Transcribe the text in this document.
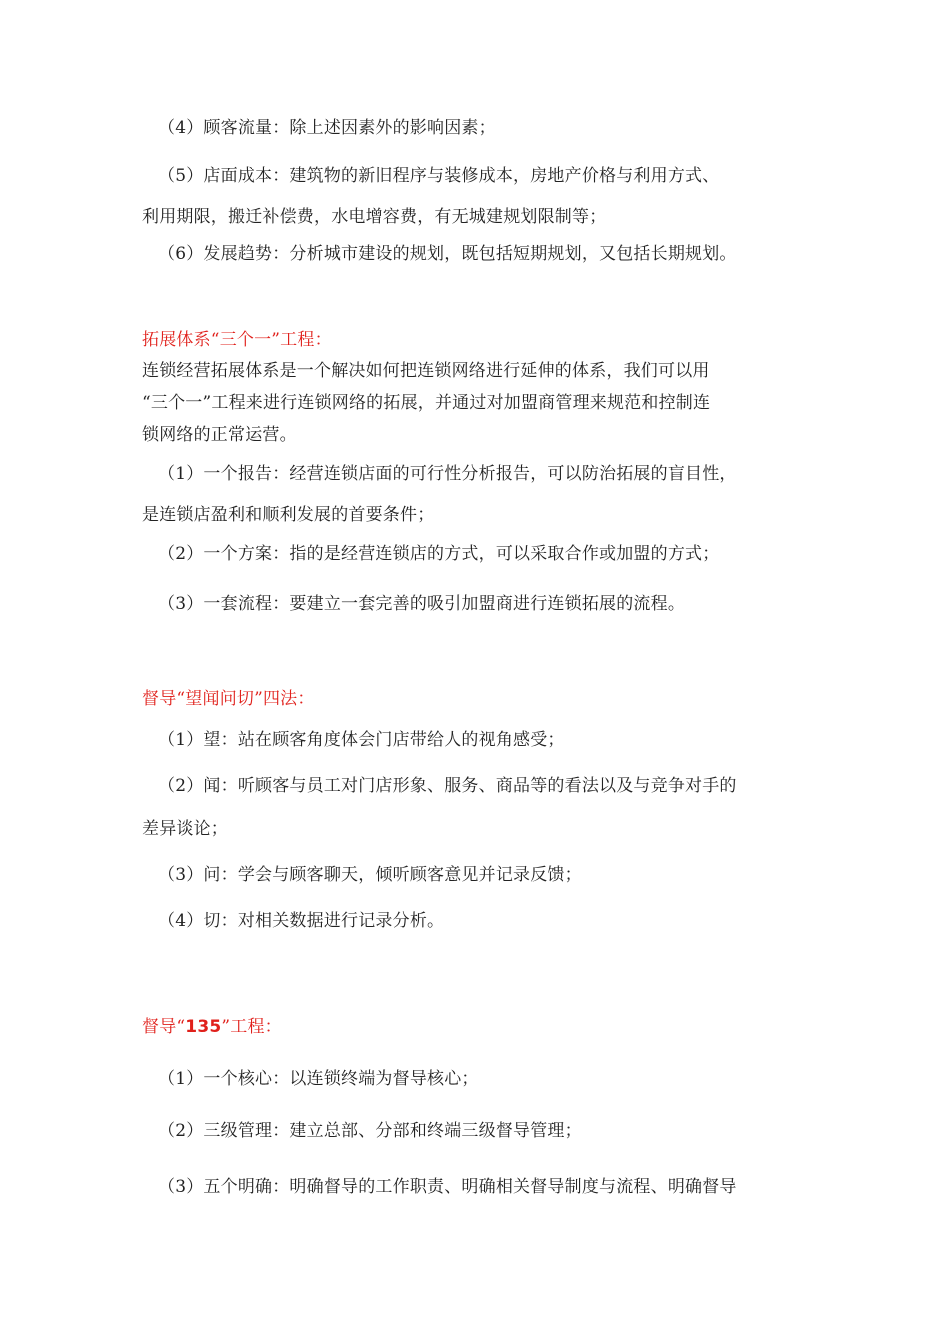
（4）顾客流量：除上述因素外的影响因素；
（5）店面成本：建筑物的新旧程序与装修成本，房地产价格与利用方式、
利用期限，搬迁补偿费，水电增容费，有无城建规划限制等；
（6）发展趋势：分析城市建设的规划，既包括短期规划，又包括长期规划。
拓展体系“三个一”工程：
连锁经营拓展体系是一个解决如何把连锁网络进行延伸的体系，我们可以用
“三个一”工程来进行连锁网络的拓展，并通过对加盟商管理来规范和控制连
锁网络的正常运营。
（1）一个报告：经营连锁店面的可行性分析报告，可以防治拓展的盲目性，
是连锁店盈利和顺利发展的首要条件；
（2）一个方案：指的是经营连锁店的方式，可以采取合作或加盟的方式；
（3）一套流程：要建立一套完善的吸引加盟商进行连锁拓展的流程。
督导“望闻问切”四法：
（1）望：站在顾客角度体会门店带给人的视角感受；
（2）闻：听顾客与员工对门店形象、服务、商品等的看法以及与竞争对手的
差异谈论；
（3）问：学会与顾客聊天，倾听顾客意见并记录反馈；
（4）切：对相关数据进行记录分析。
督导“135”工程：
（1）一个核心：以连锁终端为督导核心；
（2）三级管理：建立总部、分部和终端三级督导管理；
（3）五个明确：明确督导的工作职责、明确相关督导制度与流程、明确督导
